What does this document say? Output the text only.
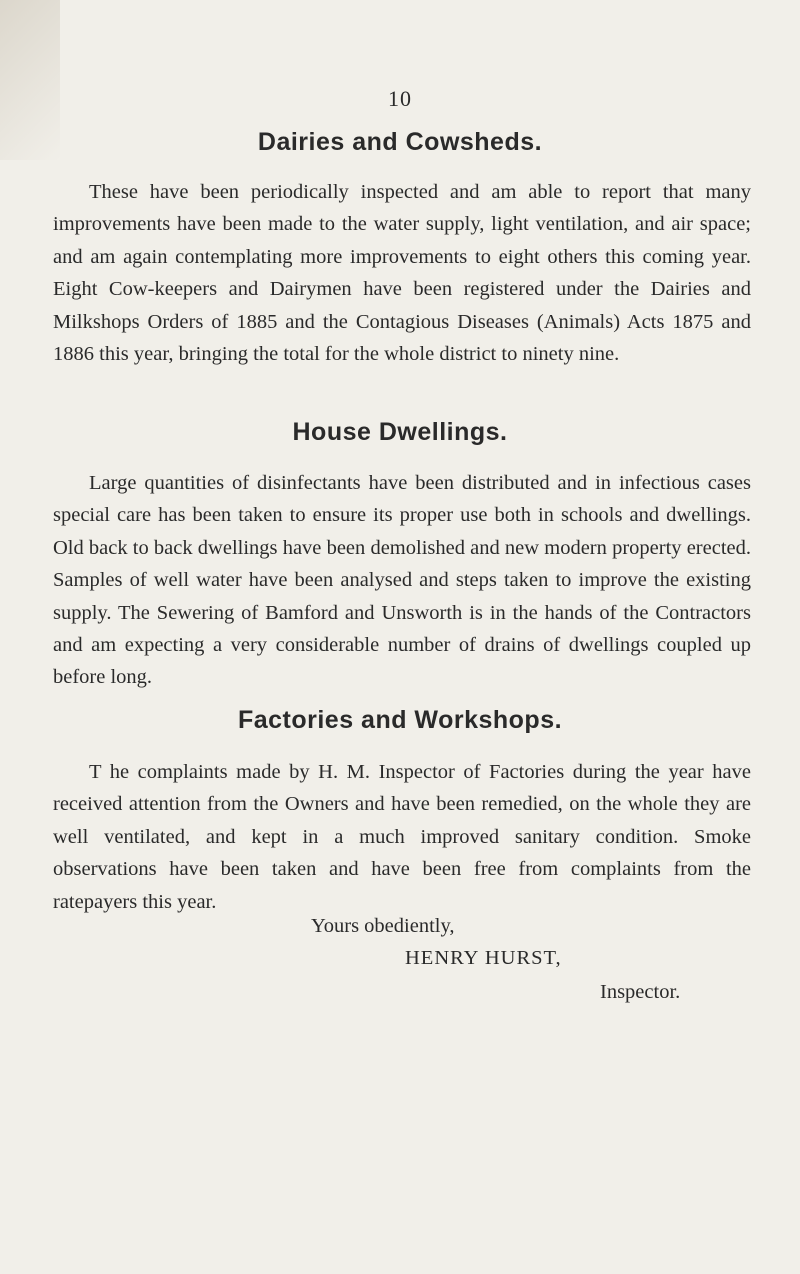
10
Dairies and Cowsheds.

These have been periodically inspected and am able to report that many improvements have been made to the water supply, light ventilation, and air space; and am again contemplating more improvements to eight others this coming year. Eight Cow-keepers and Dairymen have been registered under the Dairies and Milkshops Orders of 1885 and the Contagious Diseases (Animals) Acts 1875 and 1886 this year, bringing the total for the whole district to ninety nine.

House Dwellings.

Large quantities of disinfectants have been distributed and in infectious cases special care has been taken to ensure its proper use both in schools and dwellings. Old back to back dwellings have been demolished and new modern property erected. Samples of well water have been analysed and steps taken to improve the existing supply. The Sewering of Bamford and Unsworth is in the hands of the Contractors and am expecting a very considerable number of drains of dwellings coupled up before long.

Factories and Workshops.

T he complaints made by H. M. Inspector of Factories during the year have received attention from the Owners and have been remedied, on the whole they are well ventilated, and kept in a much improved sanitary condition. Smoke observations have been taken and have been free from complaints from the ratepayers this year.

Yours obediently,
HENRY HURST,
Inspector.
